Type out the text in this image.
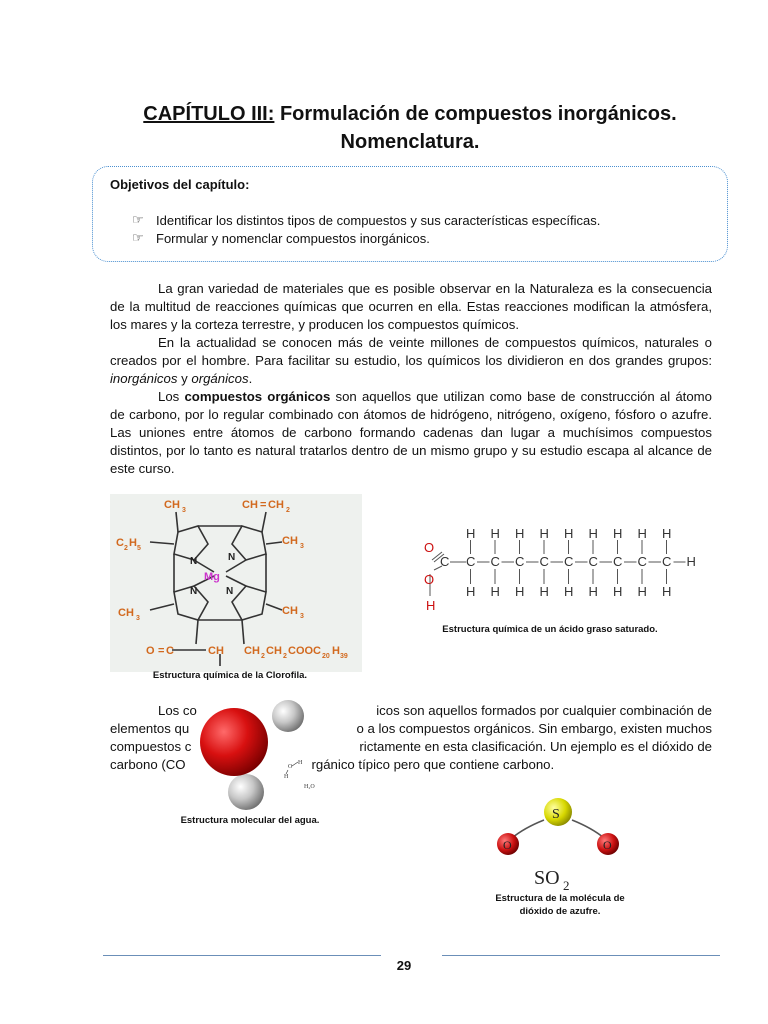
CAPÍTULO III: Formulación de compuestos inorgánicos.
Nomenclatura.
Objetivos del capítulo:
☞ Identificar los distintos tipos de compuestos y sus características específicas.
☞ Formular y nomenclar compuestos inorgánicos.

La gran variedad de materiales que es posible observar en la Naturaleza es la consecuencia de la multitud de reacciones químicas que ocurren en ella. Estas reacciones modifican la atmósfera, los mares y la corteza terrestre, y producen los compuestos químicos.

En la actualidad se conocen más de veinte millones de compuestos químicos, naturales o creados por el hombre. Para facilitar su estudio, los químicos los dividieron en dos grandes grupos: inorgánicos y orgánicos.

Los compuestos orgánicos son aquellos que utilizan como base de construcción al átomo de carbono, por lo regular combinado con átomos de hidrógeno, nitrógeno, oxígeno, fósforo o azufre. Las uniones entre átomos de carbono formando cadenas dan lugar a muchísimos compuestos distintos, por lo tanto es natural tratarlos dentro de un mismo grupo y su estudio escapa al alcance de este curso.

CH 3	CH = CH 2
C 2 H 5
CH 3
N	N
N	N
Mg
CH 3
CH 3
O = C	CH CH 2 CH 2 COOC 20 H 39
Estructura química de la Clorofila.
O
O
H
C C
H
H
C
H
H
C
H
H
C
H
H
C
H
H
C
H
H
C
H
H
C
H
H
C
H
H
H
Estructura química de un ácido graso saturado.
Los co	icos son aquellos formados por cualquier combinación de
elementos qu	o a los compuestos orgánicos. Sin embargo, existen muchos
compuestos c	rictamente en esta clasificación. Un ejemplo es el dióxido de
carbono (CO	rgánico típico pero que contiene carbono.
O
H
H
H₂O
Estructura molecular del agua.	S
O	O
SO 2
Estructura de la molécula de
dióxido de azufre.
29
